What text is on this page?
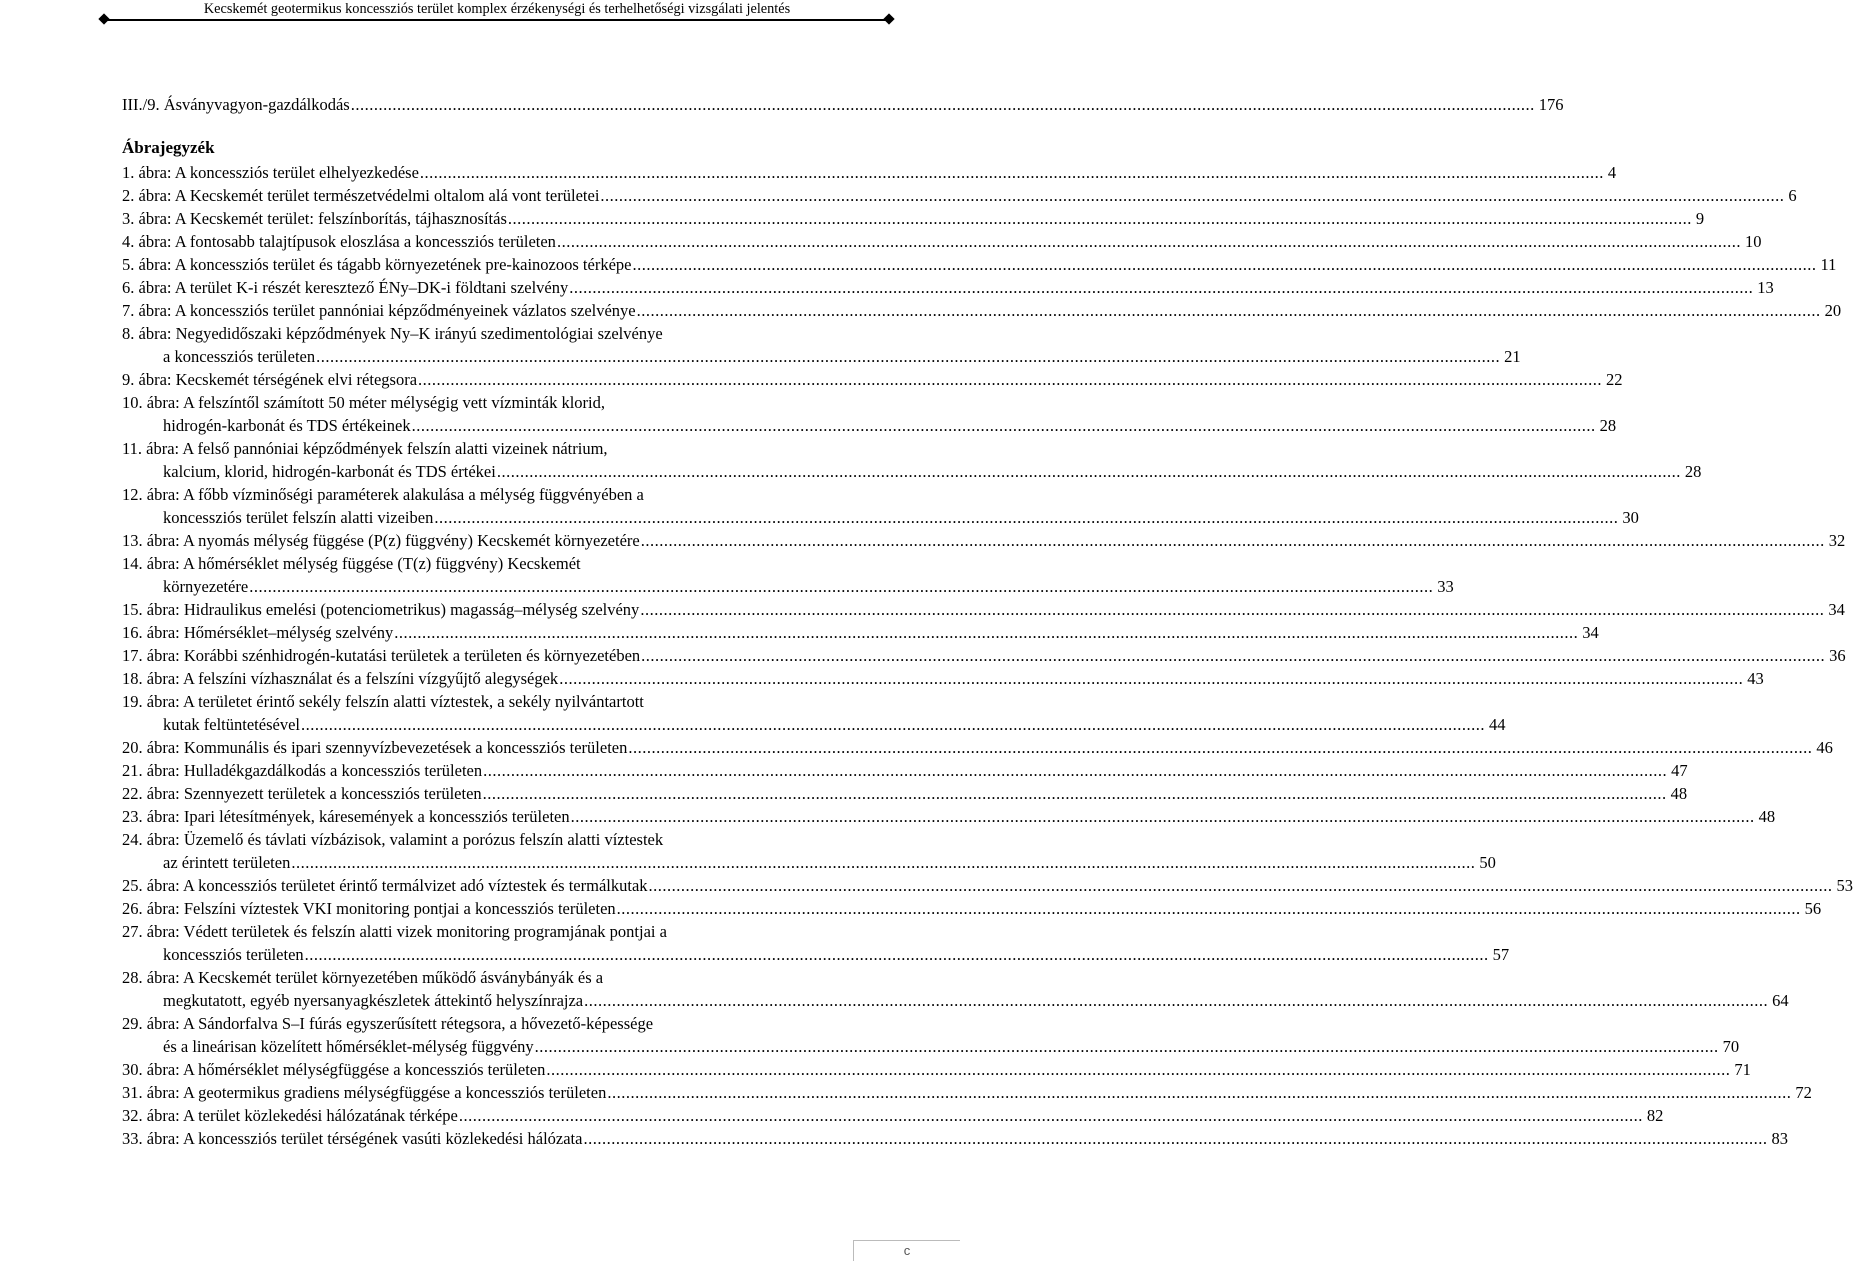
Kecskemét geotermikus koncessziós terület komplex érzékenységi és terhelhetőségi vizsgálati jelentés
III./9. Ásványvagyon-gazdálkodás .....	176
Ábrajegyzék
1. ábra: A koncessziós terület elhelyezkedése .....	4
2. ábra: A Kecskemét terület természetvédelmi oltalom alá vont területei .....	6
3. ábra: A Kecskemét terület: felszínborítás, tájhasznosítás .....	9
4. ábra: A fontosabb talajtípusok eloszlása a koncessziós területen .....	10
5. ábra: A koncessziós terület és tágabb környezetének pre-kainozoos térképe .....	11
6. ábra: A terület K-i részét keresztező ÉNy–DK-i földtani szelvény .....	13
7. ábra: A koncessziós terület pannóniai képződményeinek vázlatos szelvénye .....	20
8. ábra: Negyedidőszaki képződmények Ny–K irányú szedimentológiai szelvénye
a koncessziós területen .....	21
9. ábra: Kecskemét térségének elvi rétegsora .....	22
10. ábra: A felszíntől számított 50 méter mélységig vett vízminták klorid,
hidrogén-karbonát és TDS értékeinek .....	28
11. ábra: A felső pannóniai képződmények felszín alatti vizeinek nátrium,
kalcium, klorid, hidrogén-karbonát és TDS értékei .....	28
12. ábra: A főbb vízminőségi paraméterek alakulása a mélység függvényében a
koncessziós terület felszín alatti vizeiben .....	30
13. ábra: A nyomás mélység függése (P(z) függvény) Kecskemét környezetére .....	32
14. ábra: A hőmérséklet mélység függése (T(z) függvény) Kecskemét
környezetére .....	33
15. ábra: Hidraulikus emelési (potenciometrikus) magasság–mélység szelvény .....	34
16. ábra: Hőmérséklet–mélység szelvény .....	34
17. ábra: Korábbi szénhidrogén-kutatási területek a területen és környezetében .....	36
18. ábra: A felszíni vízhasználat és a felszíni vízgyűjtő alegységek .....	43
19. ábra: A területet érintő sekély felszín alatti víztestek, a sekély nyilvántartott
kutak feltüntetésével .....	44
20. ábra: Kommunális és ipari szennyvízbevezetések a koncessziós területen .....	46
21. ábra: Hulladékgazdálkodás a koncessziós területen .....	47
22. ábra: Szennyezett területek a koncessziós területen .....	48
23. ábra: Ipari létesítmények, káresemények a koncessziós területen .....	48
24. ábra: Üzemelő és távlati vízbázisok, valamint a porózus felszín alatti víztestek
az érintett területen .....	50
25. ábra: A koncessziós területet érintő termálvizet adó víztestek és termálkutak .....	53
26. ábra: Felszíni víztestek VKI monitoring pontjai a koncessziós területen .....	56
27. ábra: Védett területek és felszín alatti vizek monitoring programjának pontjai a
koncessziós területen .....	57
28. ábra: A Kecskemét terület környezetében működő ásványbányák és a
megkutatott, egyéb nyersanyagkészletek áttekintő helyszínrajza .....	64
29. ábra: A Sándorfalva S–I fúrás egyszerűsített rétegsora, a hővezető-képessége
és a lineárisan közelített hőmérséklet-mélység függvény .....	70
30. ábra: A hőmérséklet mélységfüggése a koncessziós területen .....	71
31. ábra: A geotermikus gradiens mélységfüggése a koncessziós területen .....	72
32. ábra: A terület közlekedési hálózatának térképe .....	82
33. ábra: A koncessziós terület térségének vasúti közlekedési hálózata .....	83
c
